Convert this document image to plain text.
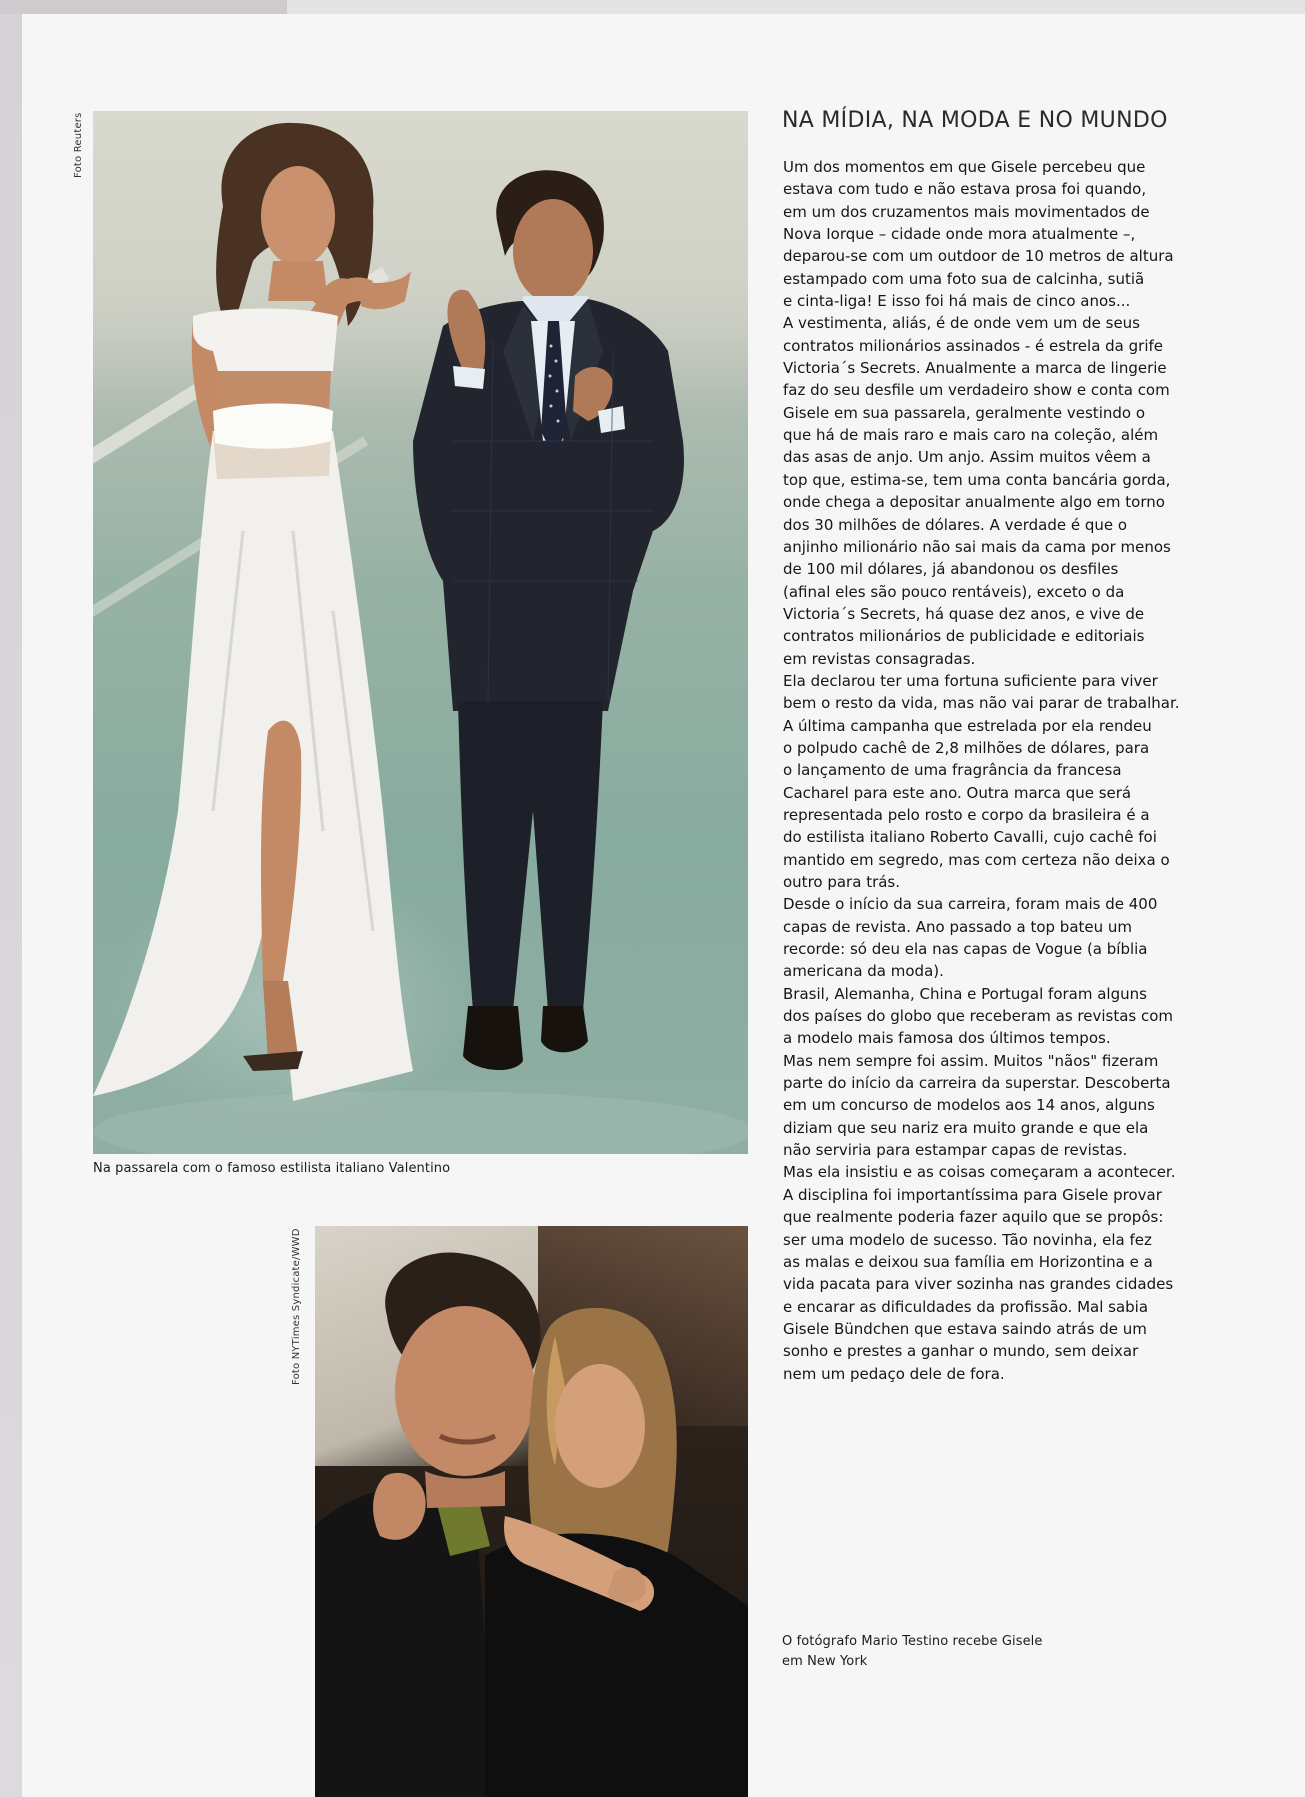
Foto Reuters
Na passarela com o famoso estilista italiano Valentino
Foto NYTimes Syndicate/WWD
O fotógrafo Mario Testino recebe Gisele
em New York
NA MÍDIA, NA MODA E NO MUNDO
Um dos momentos em que Gisele percebeu que
estava com tudo e não estava prosa foi quando,
em um dos cruzamentos mais movimentados de
Nova Iorque – cidade onde mora atualmente –,
deparou-se com um outdoor de 10 metros de altura
estampado com uma foto sua de calcinha, sutiã
e cinta-liga! E isso foi há mais de cinco anos...
A vestimenta, aliás, é de onde vem um de seus
contratos milionários assinados - é estrela da grife
Victoria´s Secrets. Anualmente a marca de lingerie
faz do seu desfile um verdadeiro show e conta com
Gisele em sua passarela, geralmente vestindo o
que há de mais raro e mais caro na coleção, além
das asas de anjo. Um anjo. Assim muitos vêem a
top que, estima-se, tem uma conta bancária gorda,
onde chega a depositar anualmente algo em torno
dos 30 milhões de dólares. A verdade é que o
anjinho milionário não sai mais da cama por menos
de 100 mil dólares, já abandonou os desfiles
(afinal eles são pouco rentáveis), exceto o da
Victoria´s Secrets, há quase dez anos, e vive de
contratos milionários de publicidade e editoriais
em revistas consagradas.
Ela declarou ter uma fortuna suficiente para viver
bem o resto da vida, mas não vai parar de trabalhar.
A última campanha que estrelada por ela rendeu
o polpudo cachê de 2,8 milhões de dólares, para
o lançamento de uma fragrância da francesa
Cacharel para este ano. Outra marca que será
representada pelo rosto e corpo da brasileira é a
do estilista italiano Roberto Cavalli, cujo cachê foi
mantido em segredo, mas com certeza não deixa o
outro para trás.
Desde o início da sua carreira, foram mais de 400
capas de revista. Ano passado a top bateu um
recorde: só deu ela nas capas de Vogue (a bíblia
americana da moda).
Brasil, Alemanha, China e Portugal foram alguns
dos países do globo que receberam as revistas com
a modelo mais famosa dos últimos tempos.
Mas nem sempre foi assim. Muitos "nãos" fizeram
parte do início da carreira da superstar. Descoberta
em um concurso de modelos aos 14 anos, alguns
diziam que seu nariz era muito grande e que ela
não serviria para estampar capas de revistas.
Mas ela insistiu e as coisas começaram a acontecer.
A disciplina foi importantíssima para Gisele provar
que realmente poderia fazer aquilo que se propôs:
ser uma modelo de sucesso. Tão novinha, ela fez
as malas e deixou sua família em Horizontina e a
vida pacata para viver sozinha nas grandes cidades
e encarar as dificuldades da profissão. Mal sabia
Gisele Bündchen que estava saindo atrás de um
sonho e prestes a ganhar o mundo, sem deixar
nem um pedaço dele de fora.
